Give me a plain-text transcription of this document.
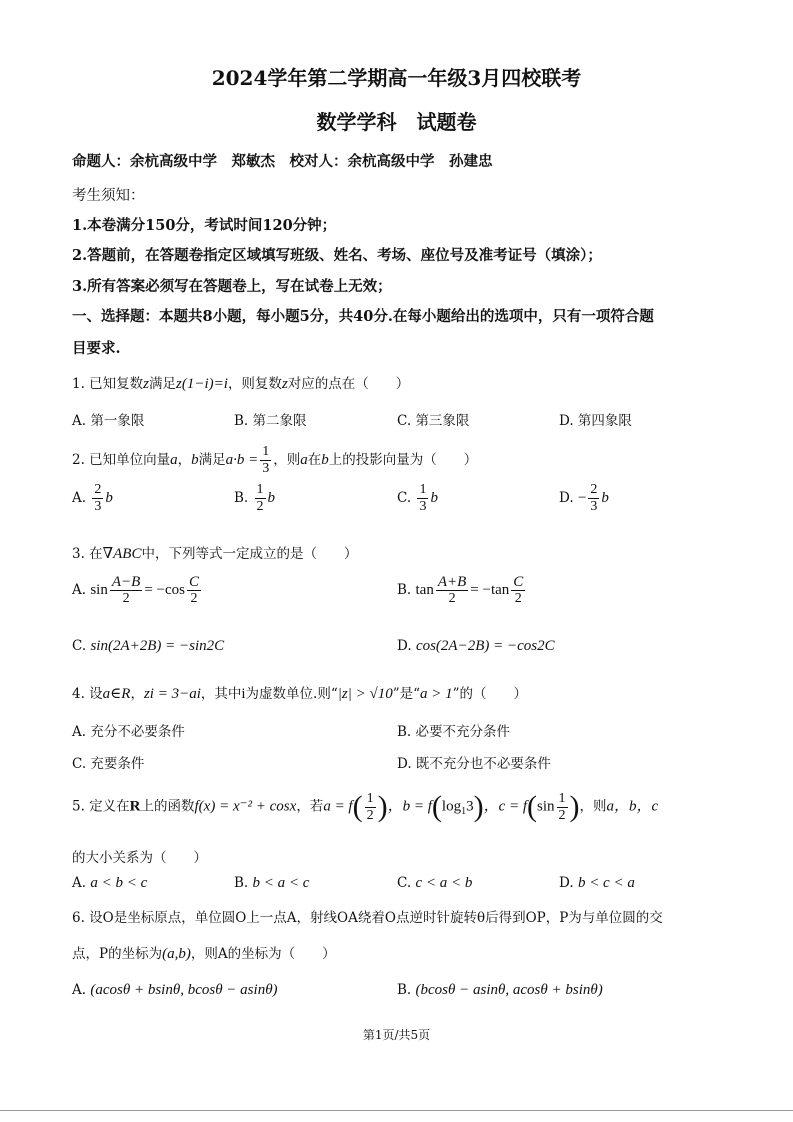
2024学年第二学期高一年级3月四校联考
数学学科　试题卷
命题人：余杭高级中学　郑敏杰　校对人：余杭高级中学　孙建忠
考生须知：
1.本卷满分150分，考试时间120分钟；
2.答题前，在答题卷指定区域填写班级、姓名、考场、座位号及准考证号（填涂）；
3.所有答案必须写在答题卷上，写在试卷上无效；
一、选择题：本题共8小题，每小题5分，共40分.在每小题给出的选项中，只有一项符合题
目要求.
1. 已知复数z满足z(1−i)=i，则复数z对应的点在（　　）
A. 第一象限	B. 第二象限	C. 第三象限	D. 第四象限
2. 已知单位向量a，b满足$a\cdot b = \frac{1}{3}$ ，则a在b上的投影向量为（　　）
A. $\frac{2}{3}$ b	B. $\frac{1}{2}$ b	C. $\frac{1}{3}$ b	D. − $\frac{2}{3}$ b
3. 在∇ABC中，下列等式一定成立的是（　　）
A. $\sin \frac{A-B}{2} = -\cos \frac{C}{2}$	B. $\tan \frac{A+B}{2} = -\tan \frac{C}{2}$
C. sin(2A+2B) = −sin2C	D. cos(2A−2B) = −cos2C
4. 设a∈R，zi = 3−ai，其中i为虚数单位.则“|z| > √10”是“a > 1”的（　　）
A. 充分不必要条件	B. 必要不充分条件
C. 充要条件	D. 既不充分也不必要条件
5. 定义在R上的函数f(x) = x⁻² + cosx，若$a = f( \frac{1}{2}$ )，$b = f(\log_13)$，$c = f(\sin \frac{1}{2}$ )，则a，b，c
的大小关系为（　　）
A. a < b < c	B. b < a < c	C. c < a < b	D. b < c < a
6. 设O是坐标原点，单位圆O上一点A，射线OA绕着O点逆时针旋转θ后得到OP，P为与单位圆的交
点，P的坐标为(a,b)，则A的坐标为（　　）
A. (acosθ + bsinθ, bcosθ − asinθ)	B. (bcosθ − asinθ, acosθ + bsinθ)
第1页/共5页
